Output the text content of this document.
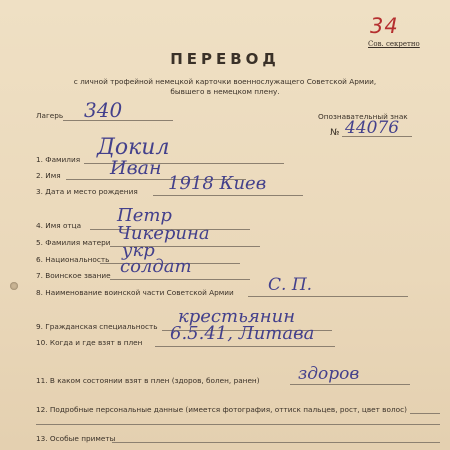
34
Сов. секретно
ПЕРЕВОД
с личной трофейной немецкой карточки военнослужащего Советской Армии,
бывшего в немецком плену.
Лагерь 340	Опознавательный знак
№ 44076
1. Фамилия Докил
2. Имя	Иван
3. Дата и место рождения 1918 Киев
4. Имя отца Петр
5. Фамилия матери Чикерина
6. Национальность укр
7. Воинское звание солдат
8. Наименование воинской части Советской Армии С. П.
9. Гражданская специальность крестьянин
10. Когда и где взят в плен 6.5.41, Литава
11. В каком состоянии взят в плен (здоров, болен, ранен) здоров
12. Подробные персональные данные (имеется фотография, оттиск пальцев, рост, цвет волос)
13. Особые приметы
